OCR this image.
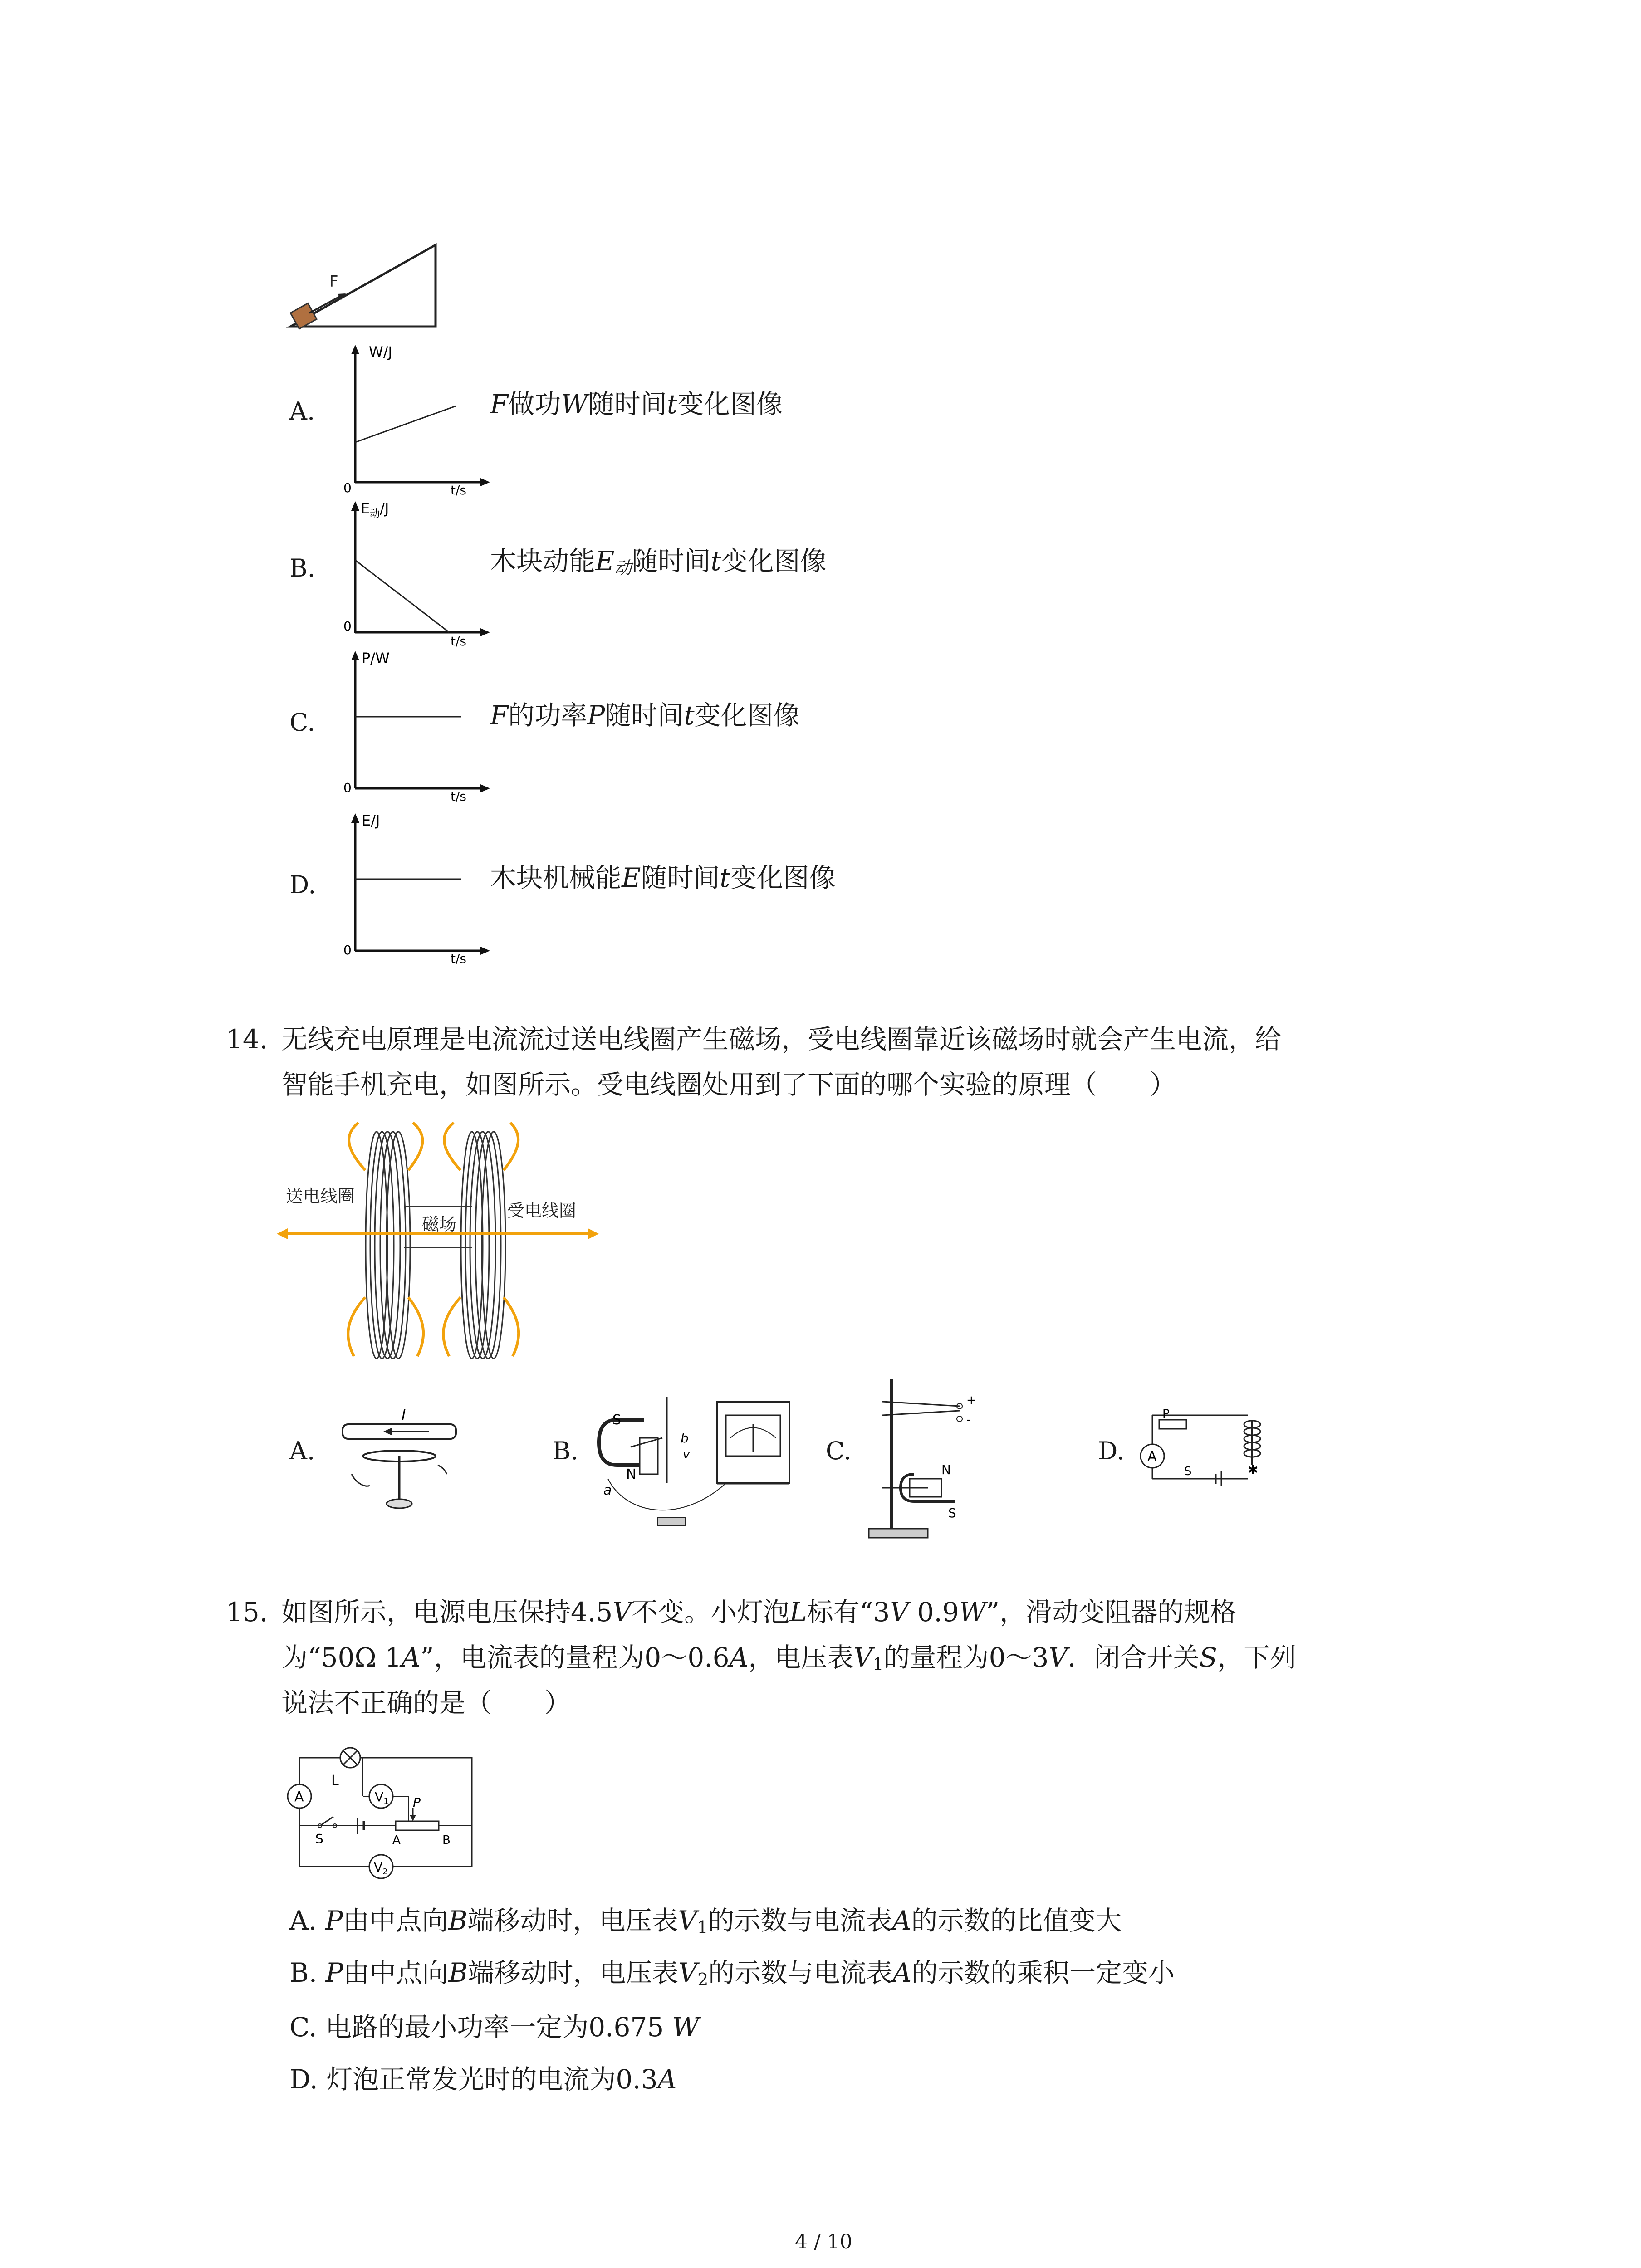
F
A.
W/J
0	t/s
F做功W随时间t变化图像
B.
$E_动/J$
0
t/s
木块动能$E_动$随时间t变化图像
C.
P/W
0
t/s
F的功率P随时间t变化图像
D.
E/J
0
t/s
木块机械能E随时间t变化图像
14. 无线充电原理是电流流过送电线圈产生磁场，受电线圈靠近该磁场时就会产生电流，给
智能手机充电，如图所示。受电线圈处用到了下面的哪个实验的原理（　　）
送电线圈
受电线圈
磁场
A.
I
B.
S
N
a
b
v	C.
+
-
N
S
D. A
P
S	✱
15. 如图所示，电源电压保持4.5V不变。小灯泡L标有“3V 0.9W”，滑动变阻器的规格
为“50Ω 1A”，电流表的量程为0～0.6A，电压表$V_1$的量程为0～3V．闭合开关S，下列
说法不正确的是（　　）
A
L
$V_1$
S
P
A	B
$V_2$
A. P由中点向B端移动时，电压表$V_1$的示数与电流表A的示数的比值变大
B. P由中点向B端移动时，电压表$V_2$的示数与电流表A的示数的乘积一定变小
C. 电路的最小功率一定为0.675 W
D. 灯泡正常发光时的电流为0.3A
4 / 10
